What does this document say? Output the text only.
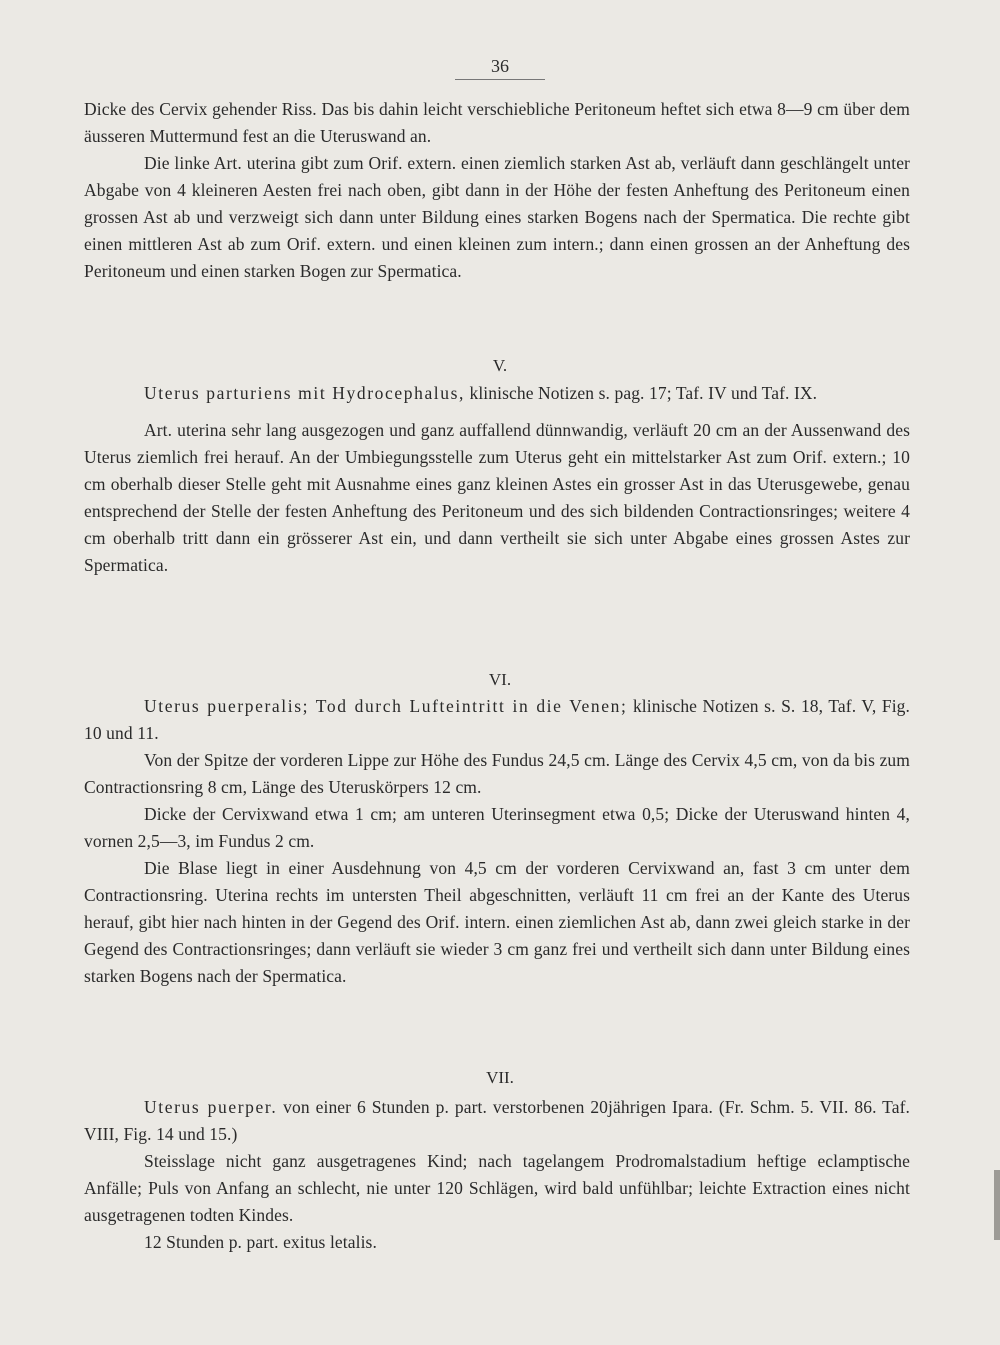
36

Dicke des Cervix gehender Riss. Das bis dahin leicht verschiebliche Peritoneum heftet sich etwa 8—9 cm über dem äusseren Muttermund fest an die Uteruswand an.

Die linke Art. uterina gibt zum Orif. extern. einen ziemlich starken Ast ab, verläuft dann geschlängelt unter Abgabe von 4 kleineren Aesten frei nach oben, gibt dann in der Höhe der festen Anheftung des Peritoneum einen grossen Ast ab und verzweigt sich dann unter Bildung eines starken Bogens nach der Spermatica. Die rechte gibt einen mittleren Ast ab zum Orif. extern. und einen kleinen zum intern.; dann einen grossen an der Anheftung des Peritoneum und einen starken Bogen zur Spermatica.

V.

Uterus parturiens mit Hydrocephalus, klinische Notizen s. pag. 17; Taf. IV und Taf. IX.

Art. uterina sehr lang ausgezogen und ganz auffallend dünnwandig, verläuft 20 cm an der Aussenwand des Uterus ziemlich frei herauf. An der Umbiegungsstelle zum Uterus geht ein mittelstarker Ast zum Orif. extern.; 10 cm oberhalb dieser Stelle geht mit Ausnahme eines ganz kleinen Astes ein grosser Ast in das Uterusgewebe, genau entsprechend der Stelle der festen Anheftung des Peritoneum und des sich bildenden Contractionsringes; weitere 4 cm oberhalb tritt dann ein grösserer Ast ein, und dann vertheilt sie sich unter Abgabe eines grossen Astes zur Spermatica.

VI.

Uterus puerperalis; Tod durch Lufteintritt in die Venen; klinische Notizen s. S. 18, Taf. V, Fig. 10 und 11.

Von der Spitze der vorderen Lippe zur Höhe des Fundus 24,5 cm. Länge des Cervix 4,5 cm, von da bis zum Contractionsring 8 cm, Länge des Uteruskörpers 12 cm.

Dicke der Cervixwand etwa 1 cm; am unteren Uterinsegment etwa 0,5; Dicke der Uteruswand hinten 4, vornen 2,5—3, im Fundus 2 cm.

Die Blase liegt in einer Ausdehnung von 4,5 cm der vorderen Cervixwand an, fast 3 cm unter dem Contractionsring. Uterina rechts im untersten Theil abgeschnitten, verläuft 11 cm frei an der Kante des Uterus herauf, gibt hier nach hinten in der Gegend des Orif. intern. einen ziemlichen Ast ab, dann zwei gleich starke in der Gegend des Contractionsringes; dann verläuft sie wieder 3 cm ganz frei und vertheilt sich dann unter Bildung eines starken Bogens nach der Spermatica.

VII.

Uterus puerper. von einer 6 Stunden p. part. verstorbenen 20jährigen Ipara. (Fr. Schm. 5. VII. 86. Taf. VIII, Fig. 14 und 15.)

Steisslage nicht ganz ausgetragenes Kind; nach tagelangem Prodromalstadium heftige eclamptische Anfälle; Puls von Anfang an schlecht, nie unter 120 Schlägen, wird bald unfühlbar; leichte Extraction eines nicht ausgetragenen todten Kindes.

12 Stunden p. part. exitus letalis.
